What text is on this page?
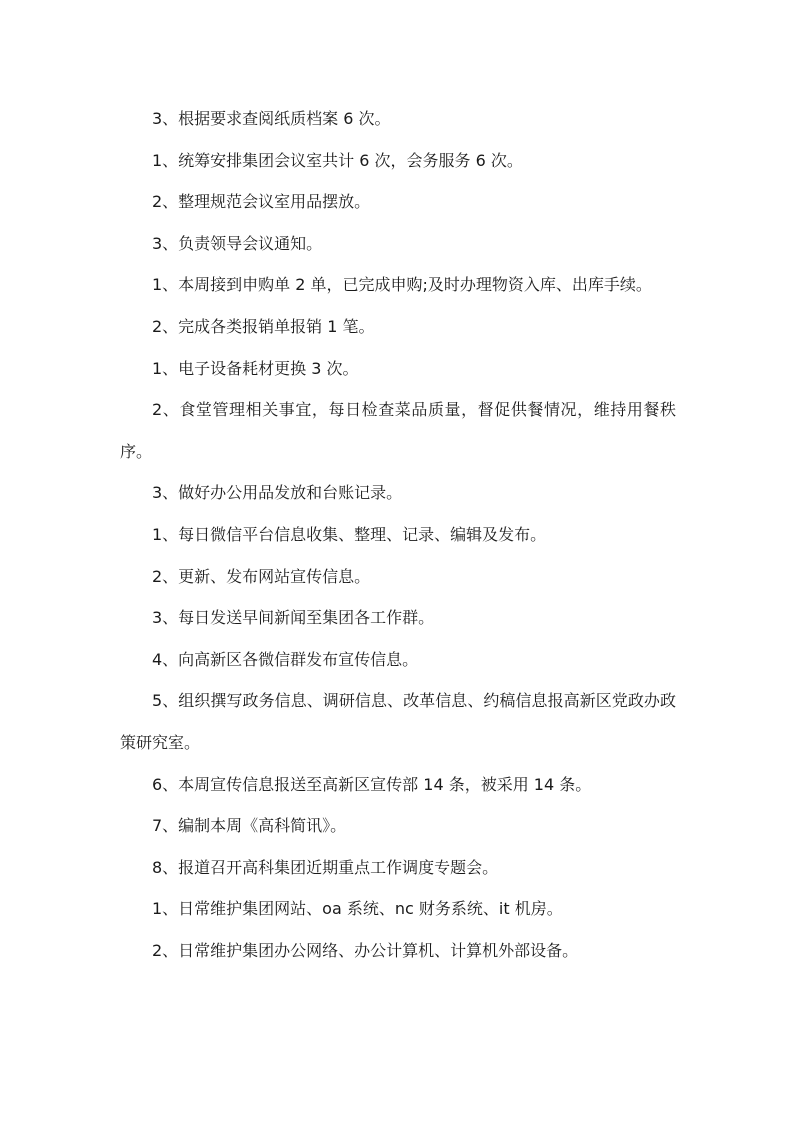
3、根据要求查阅纸质档案 6 次。

1、统筹安排集团会议室共计 6 次，会务服务 6 次。

2、整理规范会议室用品摆放。

3、负责领导会议通知。

1、本周接到申购单 2 单，已完成申购;及时办理物资入库、出库手续。

2、完成各类报销单报销 1 笔。

1、电子设备耗材更换 3 次。

2、食堂管理相关事宜，每日检查菜品质量，督促供餐情况，维持用餐秩序。

3、做好办公用品发放和台账记录。

1、每日微信平台信息收集、整理、记录、编辑及发布。

2、更新、发布网站宣传信息。

3、每日发送早间新闻至集团各工作群。

4、向高新区各微信群发布宣传信息。

5、组织撰写政务信息、调研信息、改革信息、约稿信息报高新区党政办政策研究室。

6、本周宣传信息报送至高新区宣传部 14 条，被采用 14 条。

7、编制本周《高科简讯》。

8、报道召开高科集团近期重点工作调度专题会。

1、日常维护集团网站、oa 系统、nc 财务系统、it 机房。

2、日常维护集团办公网络、办公计算机、计算机外部设备。
